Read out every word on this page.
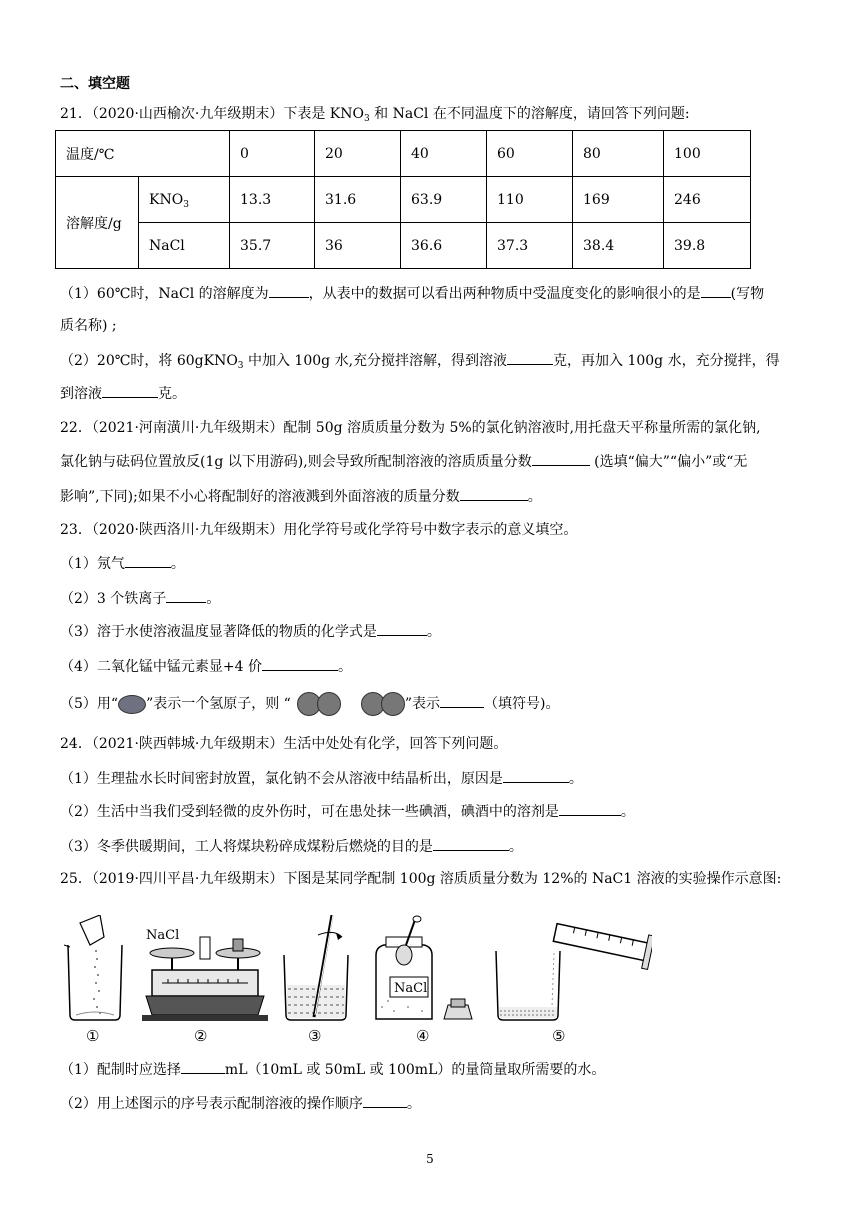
二、填空题
21．（2020·山西榆次·九年级期末）下表是 $KNO_3$ 和 NaCl 在不同温度下的溶解度，请回答下列问题:
温度/℃		0	20	40	60	80	100
溶解度/g	$KNO_3$	13.3	31.6	63.9	110	169	246
	NaCl	35.7	36	36.6	37.3	38.4	39.8
（1）60℃时，NaCl 的溶解度为	，从表中的数据可以看出两种物质中受温度变化的影响很小的是 (写物
质名称) ;
（2）20℃时，将 60gKNO$_3$ 中加入 100g 水,充分搅拌溶解，得到溶液	克，再加入 100g 水，充分搅拌，得
到溶液	克。
22．（2021·河南潢川·九年级期末）配制 50g 溶质质量分数为 5%的氯化钠溶液时,用托盘天平称量所需的氯化钠,
氯化钠与砝码位置放反(1g 以下用游码),则会导致所配制溶液的溶质质量分数	(选填“偏大”“偏小”或“无
影响”,下同);如果不小心将配制好的溶液溅到外面溶液的质量分数	。
23．（2020·陕西洛川·九年级期末）用化学符号或化学符号中数字表示的意义填空。
（1）氖气	。
（2）3 个铁离子	。
（3）溶于水使溶液温度显著降低的物质的化学式是	。
（4）二氧化锰中锰元素显+4 价	。
（5）用“ ”表示一个氢原子，则 “	”表示	（填符号)。
24．（2021·陕西韩城·九年级期末）生活中处处有化学，回答下列问题。
（1）生理盐水长时间密封放置，氯化钠不会从溶液中结晶析出，原因是	。
（2）生活中当我们受到轻微的皮外伤时，可在患处抹一些碘酒，碘酒中的溶剂是	。
（3）冬季供暖期间，工人将煤块粉碎成煤粉后燃烧的目的是	。
25．（2019·四川平昌·九年级期末）下图是某同学配制 100g 溶质质量分数为 12%的 NaC1 溶液的实验操作示意图:
①
NaCl
②	③
NaCl
④	⑤
（1）配制时应选择	mL（10mL 或 50mL 或 100mL）的量筒量取所需要的水。
（2）用上述图示的序号表示配制溶液的操作顺序	。
5
